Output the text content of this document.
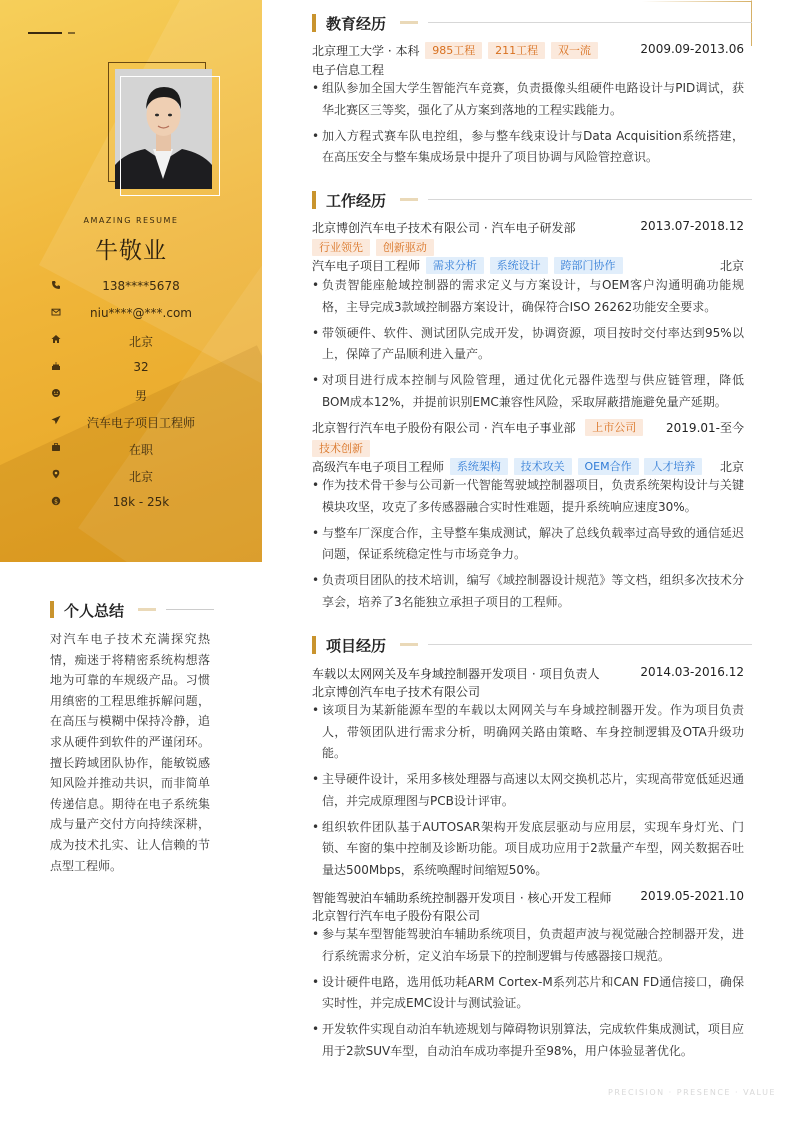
AMAZING RESUME
牛敬业
138****5678
niu****@***.com
北京
32
男
汽车电子项目工程师
在职
北京
$	18k - 25k
个人总结
对汽车电子技术充满探究热情，痴迷于将精密系统构想落地为可靠的车规级产品。习惯用缜密的工程思维拆解问题，在高压与模糊中保持冷静，追求从硬件到软件的严谨闭环。擅长跨域团队协作，能敏锐感知风险并推动共识，而非简单传递信息。期待在电子系统集成与量产交付方向持续深耕，成为技术扎实、让人信赖的节点型工程师。
教育经历
北京理工大学 · 本科 985工程 211工程 双一流	2009.09-2013.06
电子信息工程
• 组队参加全国大学生智能汽车竞赛，负责摄像头组硬件电路设计与PID调试，获华北赛区三等奖，强化了从方案到落地的工程实践能力。
• 加入方程式赛车队电控组，参与整车线束设计与Data Acquisition系统搭建，在高压安全与整车集成场景中提升了项目协调与风险管控意识。
工作经历
北京博创汽车电子技术有限公司 · 汽车电子研发部	2013.07-2018.12
行业领先 创新驱动
汽车电子项目工程师 需求分析 系统设计 跨部门协作	北京
• 负责智能座舱域控制器的需求定义与方案设计，与OEM客户沟通明确功能规格，主导完成3款域控制器方案设计，确保符合ISO 26262功能安全要求。
• 带领硬件、软件、测试团队完成开发，协调资源，项目按时交付率达到95%以上，保障了产品顺利进入量产。
• 对项目进行成本控制与风险管理，通过优化元器件选型与供应链管理，降低BOM成本12%，并提前识别EMC兼容性风险，采取屏蔽措施避免量产延期。
北京智行汽车电子股份有限公司 · 汽车电子事业部 上市公司 2019.01-至今
技术创新
高级汽车电子项目工程师 系统架构 技术攻关 OEM合作 人才培养 北京
• 作为技术骨干参与公司新一代智能驾驶域控制器项目，负责系统架构设计与关键模块攻坚，攻克了多传感器融合实时性难题，提升系统响应速度30%。
• 与整车厂深度合作，主导整车集成测试，解决了总线负载率过高导致的通信延迟问题，保证系统稳定性与市场竞争力。
• 负责项目团队的技术培训，编写《域控制器设计规范》等文档，组织多次技术分享会，培养了3名能独立承担子项目的工程师。
项目经历
车载以太网网关及车身域控制器开发项目 · 项目负责人	2014.03-2016.12
北京博创汽车电子技术有限公司
• 该项目为某新能源车型的车载以太网网关与车身域控制器开发。作为项目负责人，带领团队进行需求分析，明确网关路由策略、车身控制逻辑及OTA升级功能。
• 主导硬件设计，采用多核处理器与高速以太网交换机芯片，实现高带宽低延迟通信，并完成原理图与PCB设计评审。
• 组织软件团队基于AUTOSAR架构开发底层驱动与应用层，实现车身灯光、门锁、车窗的集中控制及诊断功能。项目成功应用于2款量产车型，网关数据吞吐量达500Mbps，系统唤醒时间缩短50%。
智能驾驶泊车辅助系统控制器开发项目 · 核心开发工程师 2019.05-2021.10
北京智行汽车电子股份有限公司
• 参与某车型智能驾驶泊车辅助系统项目，负责超声波与视觉融合控制器开发，进行系统需求分析，定义泊车场景下的控制逻辑与传感器接口规范。
• 设计硬件电路，选用低功耗ARM Cortex-M系列芯片和CAN FD通信接口，确保实时性，并完成EMC设计与测试验证。
• 开发软件实现自动泊车轨迹规划与障碍物识别算法，完成软件集成测试，项目应用于2款SUV车型，自动泊车成功率提升至98%，用户体验显著优化。
PRECISION · PRESENCE · VALUE
